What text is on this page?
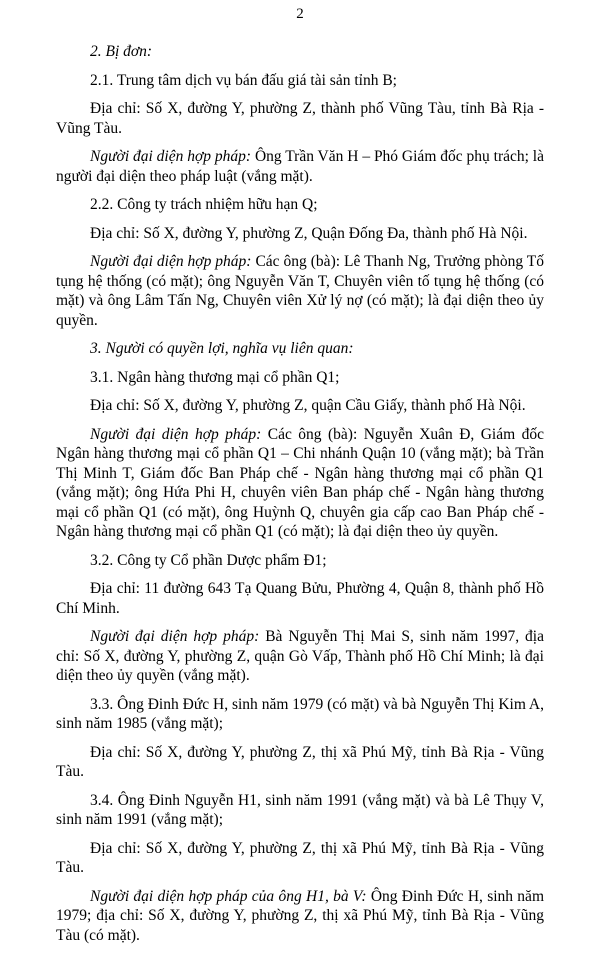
2

2. Bị đơn:

2.1. Trung tâm dịch vụ bán đấu giá tài sản tỉnh B;

Địa chỉ: Số X, đường Y, phường Z, thành phố Vũng Tàu, tỉnh Bà Rịa - Vũng Tàu.

Người đại diện hợp pháp: Ông Trần Văn H – Phó Giám đốc phụ trách; là người đại diện theo pháp luật (vắng mặt).

2.2. Công ty trách nhiệm hữu hạn Q;

Địa chỉ: Số X, đường Y, phường Z, Quận Đống Đa, thành phố Hà Nội.

Người đại diện hợp pháp: Các ông (bà): Lê Thanh Ng, Trưởng phòng Tố tụng hệ thống (có mặt); ông Nguyễn Văn T, Chuyên viên tố tụng hệ thống (có mặt) và ông Lâm Tấn Ng, Chuyên viên Xử lý nợ (có mặt); là đại diện theo ủy quyền.

3. Người có quyền lợi, nghĩa vụ liên quan:

3.1. Ngân hàng thương mại cổ phần Q1;

Địa chỉ: Số X, đường Y, phường Z, quận Cầu Giấy, thành phố Hà Nội.

Người đại diện hợp pháp: Các ông (bà): Nguyễn Xuân Đ, Giám đốc Ngân hàng thương mại cổ phần Q1 – Chi nhánh Quận 10 (vắng mặt); bà Trần Thị Minh T, Giám đốc Ban Pháp chế - Ngân hàng thương mại cổ phần Q1 (vắng mặt); ông Hứa Phi H, chuyên viên Ban pháp chế - Ngân hàng thương mại cổ phần Q1 (có mặt), ông Huỳnh Q, chuyên gia cấp cao Ban Pháp chế - Ngân hàng thương mại cổ phần Q1 (có mặt); là đại diện theo ủy quyền.

3.2. Công ty Cổ phần Dược phẩm Đ1;

Địa chỉ: 11 đường 643 Tạ Quang Bửu, Phường 4, Quận 8, thành phố Hồ Chí Minh.

Người đại diện hợp pháp: Bà Nguyễn Thị Mai S, sinh năm 1997, địa chỉ: Số X, đường Y, phường Z, quận Gò Vấp, Thành phố Hồ Chí Minh; là đại diện theo ủy quyền (vắng mặt).

3.3. Ông Đinh Đức H, sinh năm 1979 (có mặt) và bà Nguyễn Thị Kim A, sinh năm 1985 (vắng mặt);

Địa chỉ: Số X, đường Y, phường Z, thị xã Phú Mỹ, tỉnh Bà Rịa - Vũng Tàu.

3.4. Ông Đinh Nguyễn H1, sinh năm 1991 (vắng mặt) và bà Lê Thụy V, sinh năm 1991 (vắng mặt);

Địa chỉ: Số X, đường Y, phường Z, thị xã Phú Mỹ, tỉnh Bà Rịa - Vũng Tàu.

Người đại diện hợp pháp của ông H1, bà V: Ông Đinh Đức H, sinh năm 1979; địa chỉ: Số X, đường Y, phường Z, thị xã Phú Mỹ, tỉnh Bà Rịa - Vũng Tàu (có mặt).
